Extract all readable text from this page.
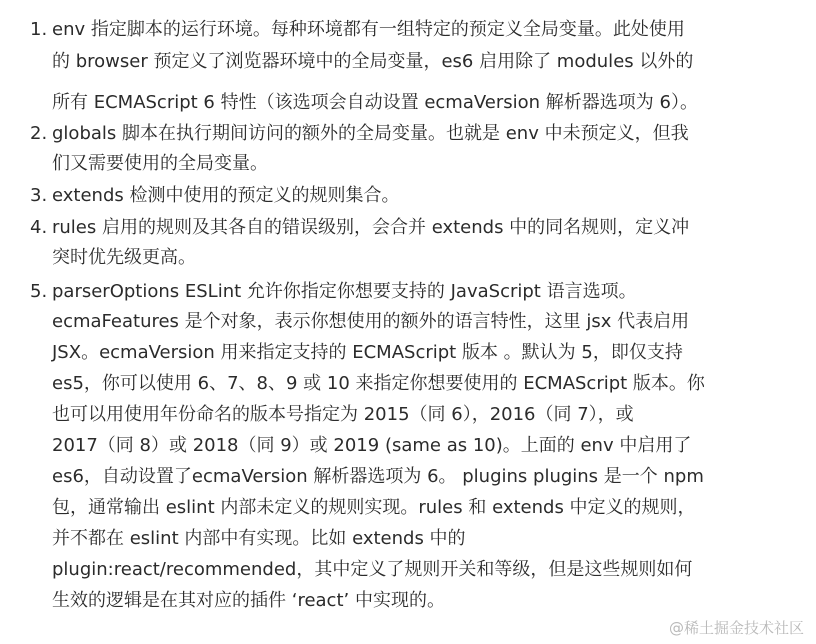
1. env 指定脚本的运行环境。每种环境都有一组特定的预定义全局变量。此处使用
的 browser 预定义了浏览器环境中的全局变量，es6 启用除了 modules 以外的
所有 ECMAScript 6 特性（该选项会自动设置 ecmaVersion 解析器选项为 6）。
2. globals 脚本在执行期间访问的额外的全局变量。也就是 env 中未预定义，但我
们又需要使用的全局变量。
3. extends 检测中使用的预定义的规则集合。
4. rules 启用的规则及其各自的错误级别，会合并 extends 中的同名规则，定义冲
突时优先级更高。
5. parserOptions ESLint 允许你指定你想要支持的 JavaScript 语言选项。
ecmaFeatures 是个对象，表示你想使用的额外的语言特性，这里 jsx 代表启用
JSX。ecmaVersion 用来指定支持的 ECMAScript 版本 。默认为 5，即仅支持
es5，你可以使用 6、7、8、9 或 10 来指定你想要使用的 ECMAScript 版本。你
也可以用使用年份命名的版本号指定为 2015（同 6），2016（同 7），或
2017（同 8）或 2018（同 9）或 2019 (same as 10)。上面的 env 中启用了
es6，自动设置了ecmaVersion 解析器选项为 6。 plugins plugins 是一个 npm
包，通常输出 eslint 内部未定义的规则实现。rules 和 extends 中定义的规则，
并不都在 eslint 内部中有实现。比如 extends 中的
plugin:react/recommended，其中定义了规则开关和等级，但是这些规则如何
生效的逻辑是在其对应的插件 ‘react’ 中实现的。
@稀土掘金技术社区
